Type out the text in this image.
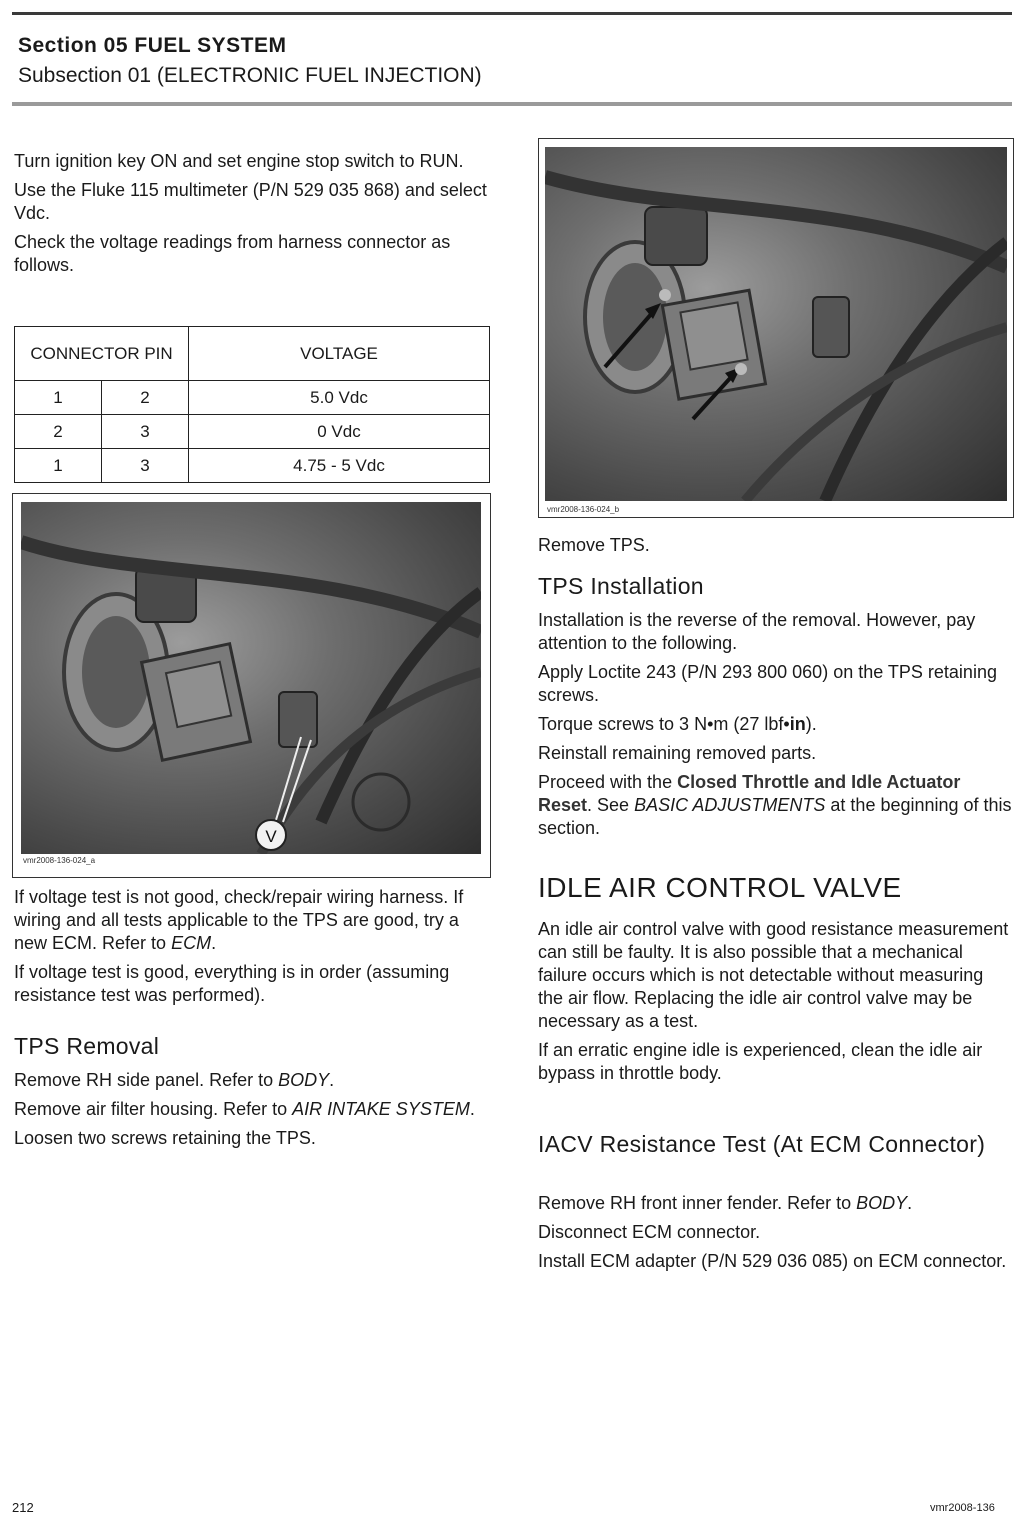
Section 05 FUEL SYSTEM
Subsection 01 (ELECTRONIC FUEL INJECTION)

Turn ignition key ON and set engine stop switch to RUN.

Use the Fluke 115 multimeter (P/N 529 035 868) and select Vdc.

Check the voltage readings from harness connector as follows.

CONNECTOR PIN		VOLTAGE
1	2	5.0 Vdc
2	3	0 Vdc
1	3	4.75 - 5 Vdc
V
vmr2008-136-024_a

If voltage test is not good, check/repair wiring harness. If wiring and all tests applicable to the TPS are good, try a new ECM. Refer to ECM.

If voltage test is good, everything is in order (assuming resistance test was performed).

TPS Removal

Remove RH side panel. Refer to BODY.

Remove air filter housing. Refer to AIR INTAKE SYSTEM.

Loosen two screws retaining the TPS.

vmr2008-136-024_b

Remove TPS.

TPS Installation

Installation is the reverse of the removal. However, pay attention to the following.

Apply Loctite 243 (P/N 293 800 060) on the TPS retaining screws.

Torque screws to 3 N•m (27 lbf•in).

Reinstall remaining removed parts.

Proceed with the Closed Throttle and Idle Actuator Reset. See BASIC ADJUSTMENTS at the beginning of this section.

IDLE AIR CONTROL VALVE

An idle air control valve with good resistance measurement can still be faulty. It is also possible that a mechanical failure occurs which is not detectable without measuring the air flow. Replacing the idle air control valve may be necessary as a test.

If an erratic engine idle is experienced, clean the idle air bypass in throttle body.

IACV Resistance Test (At ECM Connector)

Remove RH front inner fender. Refer to BODY.

Disconnect ECM connector.

Install ECM adapter (P/N 529 036 085) on ECM connector.

212	vmr2008-136
